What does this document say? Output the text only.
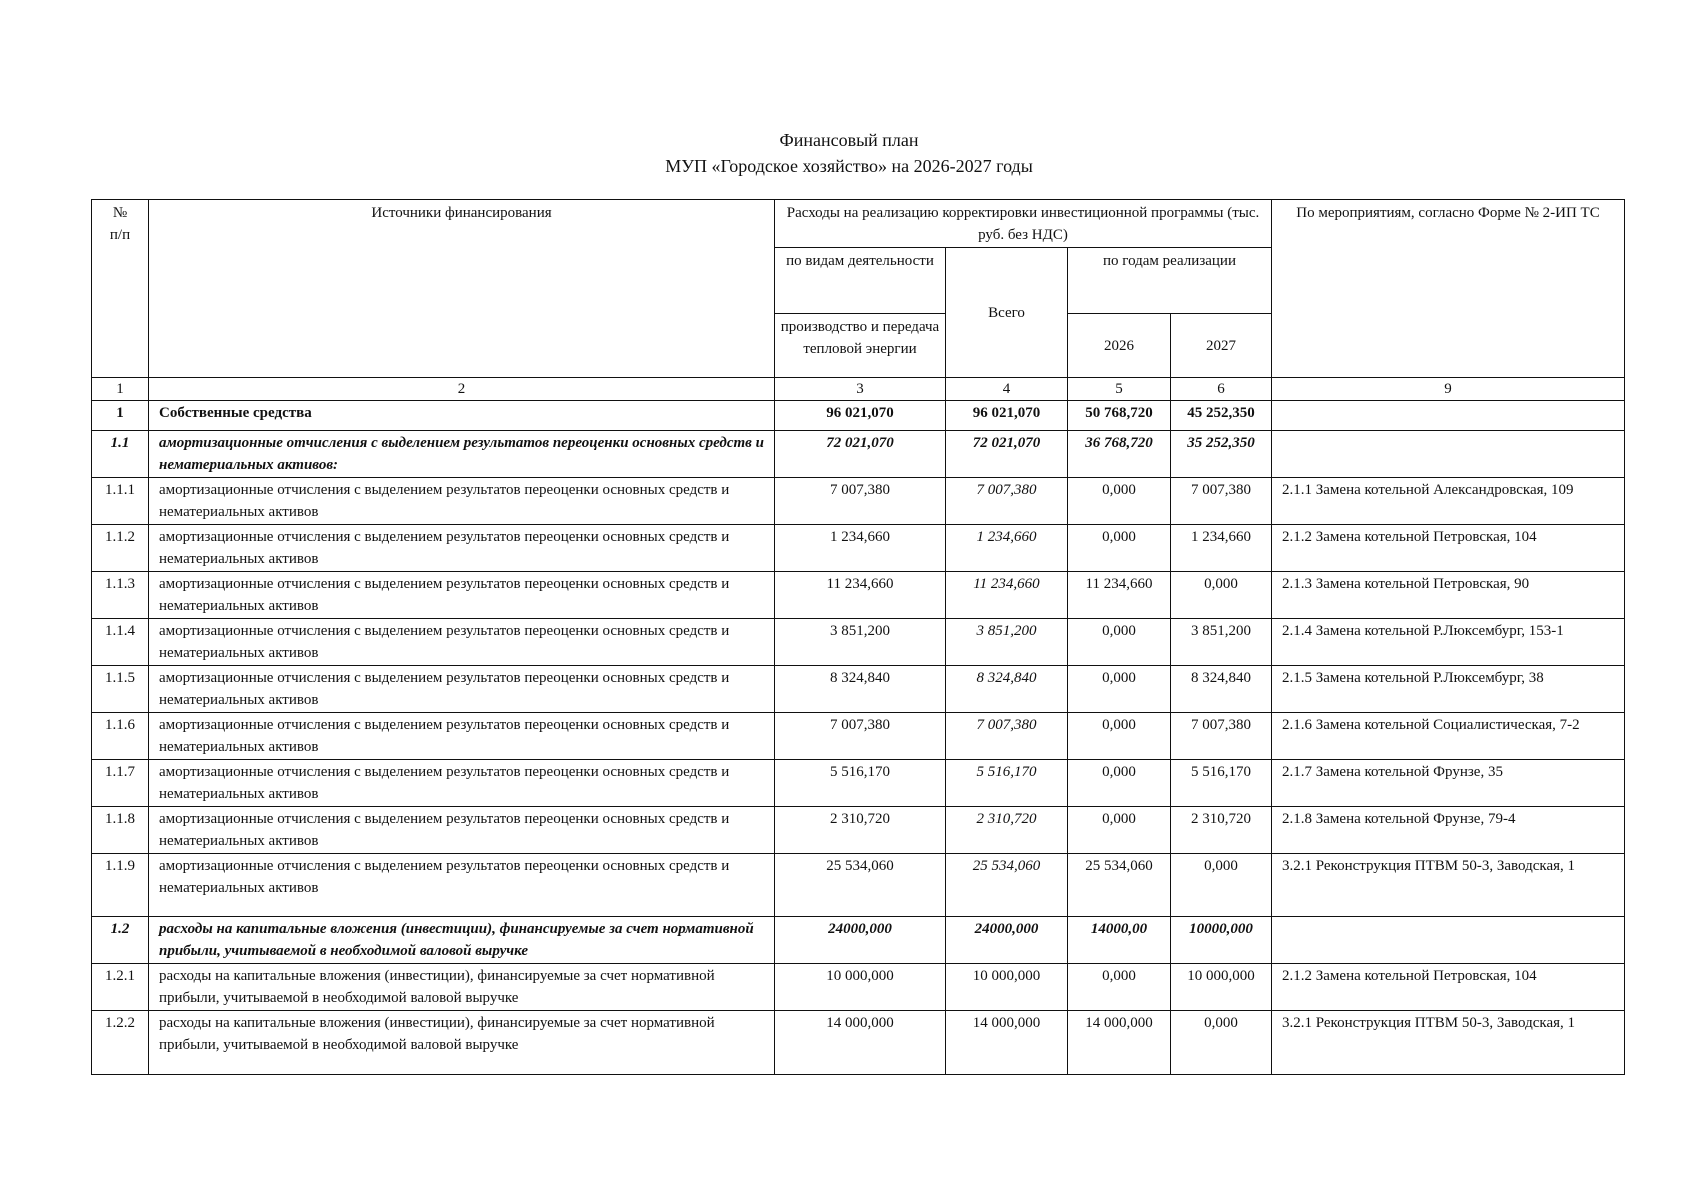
Финансовый план
МУП «Городское хозяйство» на 2026-2027 годы
№
п/п	Источники финансирования	Расходы на реализацию корректировки инвестиционной программы (тыс. руб. без НДС)				По мероприятиям, согласно Форме № 2-ИП ТС
		по видам деятельности	Всего	по годам реализации		
		производство и передача тепловой энергии		2026	2027	
1	2	3	4	5	6	9
1	Собственные средства	96 021,070	96 021,070	50 768,720	45 252,350	
1.1	амортизационные отчисления с выделением результатов переоценки основных средств и нематериальных активов:	72 021,070	72 021,070	36 768,720	35 252,350	
1.1.1	амортизационные отчисления с выделением результатов переоценки основных средств и нематериальных активов	7 007,380	7 007,380	0,000	7 007,380	2.1.1 Замена котельной Александровская, 109
1.1.2	амортизационные отчисления с выделением результатов переоценки основных средств и нематериальных активов	1 234,660	1 234,660	0,000	1 234,660	2.1.2 Замена котельной Петровская, 104
1.1.3	амортизационные отчисления с выделением результатов переоценки основных средств и нематериальных активов	11 234,660	11 234,660	11 234,660	0,000	2.1.3 Замена котельной Петровская, 90
1.1.4	амортизационные отчисления с выделением результатов переоценки основных средств и нематериальных активов	3 851,200	3 851,200	0,000	3 851,200	2.1.4 Замена котельной Р.Люксембург, 153-1
1.1.5	амортизационные отчисления с выделением результатов переоценки основных средств и нематериальных активов	8 324,840	8 324,840	0,000	8 324,840	2.1.5 Замена котельной Р.Люксембург, 38
1.1.6	амортизационные отчисления с выделением результатов переоценки основных средств и нематериальных активов	7 007,380	7 007,380	0,000	7 007,380	2.1.6 Замена котельной Социалистическая, 7-2
1.1.7	амортизационные отчисления с выделением результатов переоценки основных средств и нематериальных активов	5 516,170	5 516,170	0,000	5 516,170	2.1.7 Замена котельной Фрунзе, 35
1.1.8	амортизационные отчисления с выделением результатов переоценки основных средств и нематериальных активов	2 310,720	2 310,720	0,000	2 310,720	2.1.8 Замена котельной Фрунзе, 79-4
1.1.9	амортизационные отчисления с выделением результатов переоценки основных средств и нематериальных активов	25 534,060	25 534,060	25 534,060	0,000	3.2.1 Реконструкция ПТВМ 50-3, Заводская, 1
1.2	расходы на капитальные вложения (инвестиции), финансируемые за счет нормативной прибыли, учитываемой в необходимой валовой выручке	24000,000	24000,000	14000,00	10000,000	
1.2.1	расходы на капитальные вложения (инвестиции), финансируемые за счет нормативной прибыли, учитываемой в необходимой валовой выручке	10 000,000	10 000,000	0,000	10 000,000	2.1.2 Замена котельной Петровская, 104
1.2.2	расходы на капитальные вложения (инвестиции), финансируемые за счет нормативной прибыли, учитываемой в необходимой валовой выручке	14 000,000	14 000,000	14 000,000	0,000	3.2.1 Реконструкция ПТВМ 50-3, Заводская, 1
